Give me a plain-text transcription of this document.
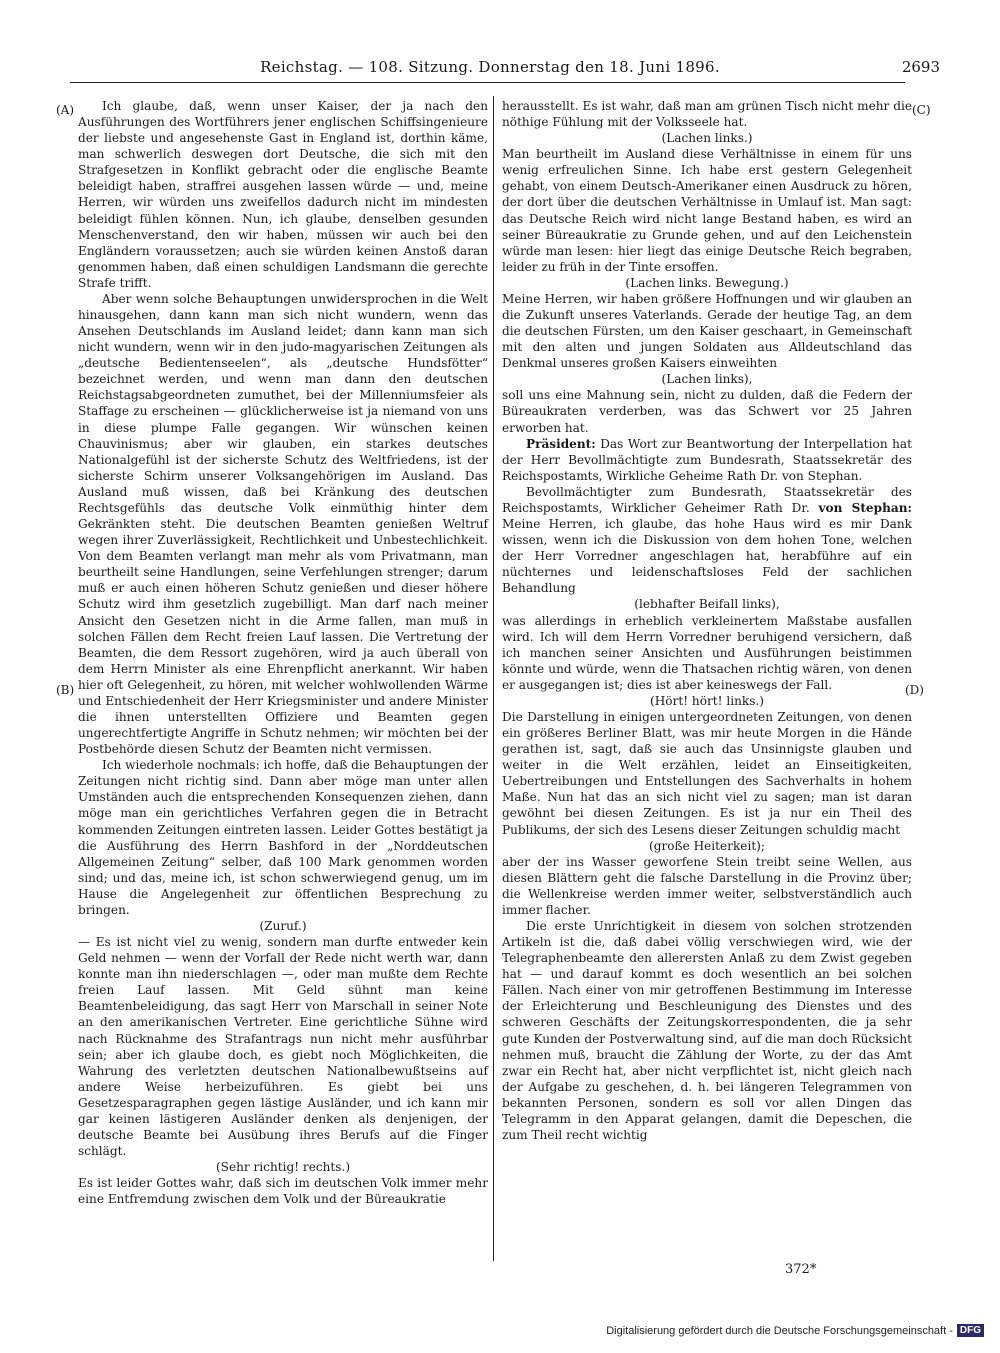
Reichstag. — 108. Sitzung. Donnerstag den 18. Juni 1896.	2693
(A)
(B)
(C)
(D)

Ich glaube, daß, wenn unser Kaiser, der ja nach den Ausführungen des Wortführers jener englischen Schiffsingenieure der liebste und angesehenste Gast in England ist, dorthin käme, man schwerlich deswegen dort Deutsche, die sich mit den Strafgesetzen in Konflikt gebracht oder die englische Beamte beleidigt haben, straffrei ausgehen lassen würde — und, meine Herren, wir würden uns zweifellos dadurch nicht im mindesten beleidigt fühlen können. Nun, ich glaube, denselben gesunden Menschenverstand, den wir haben, müssen wir auch bei den Engländern voraussetzen; auch sie würden keinen Anstoß daran genommen haben, daß einen schuldigen Landsmann die gerechte Strafe trifft.

Aber wenn solche Behauptungen unwidersprochen in die Welt hinausgehen, dann kann man sich nicht wundern, wenn das Ansehen Deutschlands im Ausland leidet; dann kann man sich nicht wundern, wenn wir in den judo-magyarischen Zeitungen als „deutsche Bedientenseelen“, als „deutsche Hundsfötter“ bezeichnet werden, und wenn man dann den deutschen Reichstagsabgeordneten zumuthet, bei der Millenniumsfeier als Staffage zu erscheinen — glücklicherweise ist ja niemand von uns in diese plumpe Falle gegangen. Wir wünschen keinen Chauvinismus; aber wir glauben, ein starkes deutsches Nationalgefühl ist der sicherste Schutz des Weltfriedens, ist der sicherste Schirm unserer Volksangehörigen im Ausland. Das Ausland muß wissen, daß bei Kränkung des deutschen Rechtsgefühls das deutsche Volk einmüthig hinter dem Gekränkten steht. Die deutschen Beamten genießen Weltruf wegen ihrer Zuverlässigkeit, Rechtlichkeit und Unbestechlichkeit. Von dem Beamten verlangt man mehr als vom Privatmann, man beurtheilt seine Handlungen, seine Verfehlungen strenger; darum muß er auch einen höheren Schutz genießen und dieser höhere Schutz wird ihm gesetzlich zugebilligt. Man darf nach meiner Ansicht den Gesetzen nicht in die Arme fallen, man muß in solchen Fällen dem Recht freien Lauf lassen. Die Vertretung der Beamten, die dem Ressort zugehören, wird ja auch überall von dem Herrn Minister als eine Ehrenpflicht anerkannt. Wir haben hier oft Gelegenheit, zu hören, mit welcher wohlwollenden Wärme und Entschiedenheit der Herr Kriegsminister und andere Minister die ihnen unterstellten Offiziere und Beamten gegen ungerechtfertigte Angriffe in Schutz nehmen; wir möchten bei der Postbehörde diesen Schutz der Beamten nicht vermissen.

Ich wiederhole nochmals: ich hoffe, daß die Behauptungen der Zeitungen nicht richtig sind. Dann aber möge man unter allen Umständen auch die entsprechenden Konsequenzen ziehen, dann möge man ein gerichtliches Verfahren gegen die in Betracht kommenden Zeitungen eintreten lassen. Leider Gottes bestätigt ja die Ausführung des Herrn Bashford in der „Norddeutschen Allgemeinen Zeitung“ selber, daß 100 Mark genommen worden sind; und das, meine ich, ist schon schwerwiegend genug, um im Hause die Angelegenheit zur öffentlichen Besprechung zu bringen.

(Zuruf.)

— Es ist nicht viel zu wenig, sondern man durfte entweder kein Geld nehmen — wenn der Vorfall der Rede nicht werth war, dann konnte man ihn niederschlagen —, oder man mußte dem Rechte freien Lauf lassen. Mit Geld sühnt man keine Beamtenbeleidigung, das sagt Herr von Marschall in seiner Note an den amerikanischen Vertreter. Eine gerichtliche Sühne wird nach Rücknahme des Strafantrags nun nicht mehr ausführbar sein; aber ich glaube doch, es giebt noch Möglichkeiten, die Wahrung des verletzten deutschen Nationalbewußtseins auf andere Weise herbeizuführen. Es giebt bei uns Gesetzesparagraphen gegen lästige Ausländer, und ich kann mir gar keinen lästigeren Ausländer denken als denjenigen, der deutsche Beamte bei Ausübung ihres Berufs auf die Finger schlägt.

(Sehr richtig! rechts.)

Es ist leider Gottes wahr, daß sich im deutschen Volk immer mehr eine Entfremdung zwischen dem Volk und der Büreaukratie

herausstellt. Es ist wahr, daß man am grünen Tisch nicht mehr die nöthige Fühlung mit der Volksseele hat.

(Lachen links.)

Man beurtheilt im Ausland diese Verhältnisse in einem für uns wenig erfreulichen Sinne. Ich habe erst gestern Gelegenheit gehabt, von einem Deutsch-Amerikaner einen Ausdruck zu hören, der dort über die deutschen Verhältnisse in Umlauf ist. Man sagt: das Deutsche Reich wird nicht lange Bestand haben, es wird an seiner Büreaukratie zu Grunde gehen, und auf den Leichenstein würde man lesen: hier liegt das einige Deutsche Reich begraben, leider zu früh in der Tinte ersoffen.

(Lachen links. Bewegung.)

Meine Herren, wir haben größere Hoffnungen und wir glauben an die Zukunft unseres Vaterlands. Gerade der heutige Tag, an dem die deutschen Fürsten, um den Kaiser geschaart, in Gemeinschaft mit den alten und jungen Soldaten aus Alldeutschland das Denkmal unseres großen Kaisers einweihten

(Lachen links),

soll uns eine Mahnung sein, nicht zu dulden, daß die Federn der Büreaukraten verderben, was das Schwert vor 25 Jahren erworben hat.

Präsident: Das Wort zur Beantwortung der Interpellation hat der Herr Bevollmächtigte zum Bundesrath, Staatssekretär des Reichspostamts, Wirkliche Geheime Rath Dr. von Stephan.

Bevollmächtigter zum Bundesrath, Staatssekretär des Reichspostamts, Wirklicher Geheimer Rath Dr. von Stephan: Meine Herren, ich glaube, das hohe Haus wird es mir Dank wissen, wenn ich die Diskussion von dem hohen Tone, welchen der Herr Vorredner angeschlagen hat, herabführe auf ein nüchternes und leidenschaftsloses Feld der sachlichen Behandlung

(lebhafter Beifall links),

was allerdings in erheblich verkleinertem Maßstabe ausfallen wird. Ich will dem Herrn Vorredner beruhigend versichern, daß ich manchen seiner Ansichten und Ausführungen beistimmen könnte und würde, wenn die Thatsachen richtig wären, von denen er ausgegangen ist; dies ist aber keineswegs der Fall.

(Hört! hört! links.)

Die Darstellung in einigen untergeordneten Zeitungen, von denen ein größeres Berliner Blatt, was mir heute Morgen in die Hände gerathen ist, sagt, daß sie auch das Unsinnigste glauben und weiter in die Welt erzählen, leidet an Einseitigkeiten, Uebertreibungen und Entstellungen des Sachverhalts in hohem Maße. Nun hat das an sich nicht viel zu sagen; man ist daran gewöhnt bei diesen Zeitungen. Es ist ja nur ein Theil des Publikums, der sich des Lesens dieser Zeitungen schuldig macht

(große Heiterkeit);

aber der ins Wasser geworfene Stein treibt seine Wellen, aus diesen Blättern geht die falsche Darstellung in die Provinz über; die Wellenkreise werden immer weiter, selbstverständlich auch immer flacher.

Die erste Unrichtigkeit in diesem von solchen strotzenden Artikeln ist die, daß dabei völlig verschwiegen wird, wie der Telegraphenbeamte den allerersten Anlaß zu dem Zwist gegeben hat — und darauf kommt es doch wesentlich an bei solchen Fällen. Nach einer von mir getroffenen Bestimmung im Interesse der Erleichterung und Beschleunigung des Dienstes und des schweren Geschäfts der Zeitungskorrespondenten, die ja sehr gute Kunden der Postverwaltung sind, auf die man doch Rücksicht nehmen muß, braucht die Zählung der Worte, zu der das Amt zwar ein Recht hat, aber nicht verpflichtet ist, nicht gleich nach der Aufgabe zu geschehen, d. h. bei längeren Telegrammen von bekannten Personen, sondern es soll vor allen Dingen das Telegramm in den Apparat gelangen, damit die Depeschen, die zum Theil recht wichtig

372*
Digitalisierung gefördert durch die Deutsche Forschungsgemeinschaft - DFG
